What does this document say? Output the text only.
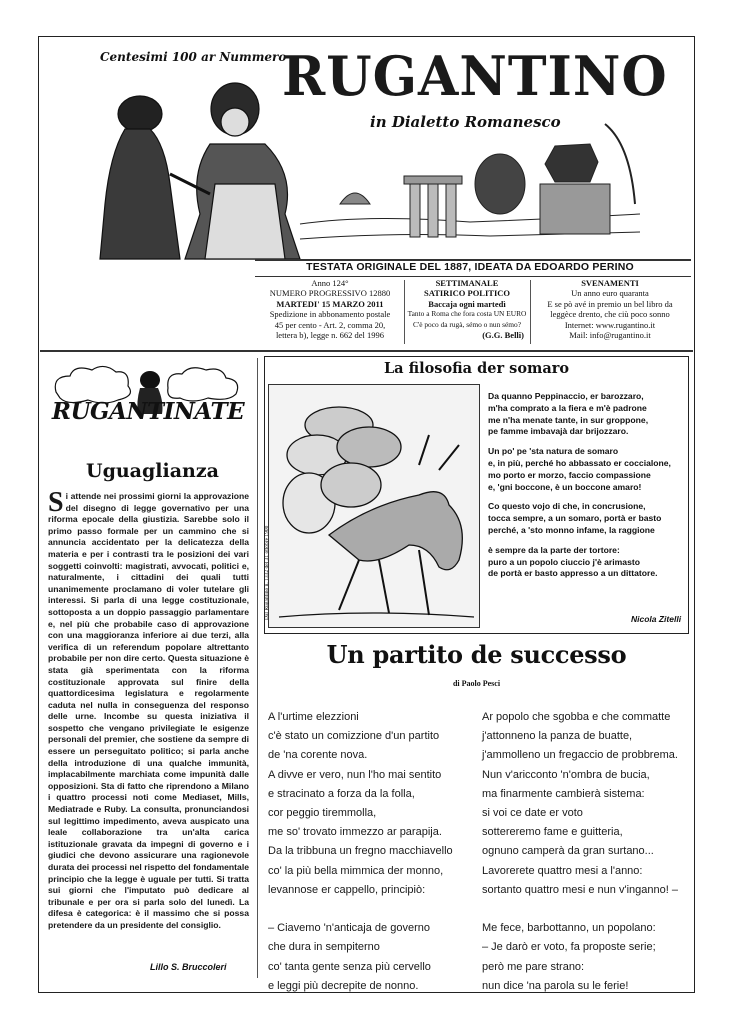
Centesimi 100 ar Nummero
RUGANTINO
in Dialetto Romanesco
TESTATA ORIGINALE DEL 1887, IDEATA DA EDOARDO PERINO
Anno 124°
NUMERO PROGRESSIVO 12880
MARTEDI' 15 MARZO 2011
Spedizione in abbonamento postale
45 per cento - Art. 2, comma 20,
lettera b), legge n. 662 del 1996
SETTIMANALE
SATIRICO POLITICO
Baccaja ogni martedì
Tanto a Roma che fora costa UN EURO
C'è poco da rugà, sémo o nun sémo?
(G.G. Belli)
SVENAMENTI
Un anno euro quaranta
E se pò avé in premio un bel libro da
leggèce drento, che ciù poco sonno
Internet: www.rugantino.it
Mail: info@rugantino.it
RUGANTINATE
Uguaglianza
Si attende nei prossimi giorni la approvazione del disegno di legge governativo per una riforma epocale della giustizia. Sarebbe solo il primo passo formale per un cammino che si annuncia accidentato per la delicatezza della materia e per i contrasti tra le posizioni dei vari soggetti coinvolti: magistrati, avvocati, politici e, naturalmente, i cittadini dei quali tutti unanimemente proclamano di voler tutelare gli interessi. Si parla di una legge costituzionale, sottoposta a un doppio passaggio parlamentare e, nel più che probabile caso di approvazione con una maggioranza inferiore ai due terzi, alla verifica di un referendum popolare altrettanto probabile per non dire certo. Questa situazione è stata già sperimentata con la riforma costituzionale approvata sul finire della quattordicesima legislatura e regolarmente caduta nel nulla in conseguenza del responso delle urne. Incombe su questa iniziativa il sospetto che vengano privilegiate le esigenze personali del premier, che sostiene da sempre di essere un perseguitato politico; si parla anche della introduzione di una qualche immunità, implacabilmente marchiata come impunità dalle opposizioni. Sta di fatto che riprendono a Milano i quattro processi noti come Mediaset, Mills, Mediatrade e Ruby. La consulta, pronunciandosi sul legittimo impedimento, aveva auspicato una leale collaborazione tra un'alta carica istituzionale gravata da impegni di governo e i giudici che devono assicurare una ragionevole durata dei processi nel rispetto del fondamentale principio che la legge è uguale per tutti. Si tratta sui giorni che l'imputato può dedicare al tribunale e per ora si parla solo del lunedì. La difesa è categorica: è il massimo che si possa pretendere da un presidente del consiglio.
Lillo S. Bruccoleri
La filosofia der somaro
Dal Rugantino n. 1332 del 31 ottobre 1900
Da quanno Peppinaccio, er barozzaro,
m'ha comprato a la fiera e m'è padrone
me n'ha menate tante, in sur groppone,
pe famme imbavajà dar brijozzaro.
Un po' pe 'sta natura de somaro
e, in più, perché ho abbassato er coccialone,
mo porto er morzo, faccio compassione
e, 'gni boccone, è un boccone amaro!
Co questo vojo di che, in concrusione,
tocca sempre, a un somaro, portà er basto
perché, a 'sto monno infame, la raggione
è sempre da la parte der tortore:
puro a un popolo ciuccio j'è arimasto
de portà er basto appresso a un dittatore.
Nicola Zitelli
Un partito de successo
di Paolo Pesci
A l'urtime elezzioni
c'è stato un comizzione d'un partito
de 'na corente nova.
A divve er vero, nun l'ho mai sentito
e stracinato a forza da la folla,
cor peggio tiremmolla,
me so' trovato immezzo ar parapija.
Da la tribbuna un fregno macchiavello
co' la più bella mimmica der monno,
levannose er cappello, principiò:
– Ciavemo 'n'anticaja de governo
che dura in sempiterno
co' tanta gente senza più cervello
e leggi più decrepite de nonno.
Ar popolo che sgobba e che commatte
j'attonneno la panza de buatte,
j'ammolleno un fregaccio de probbrema.
Nun v'aricconto 'n'ombra de bucia,
ma finarmente cambierà sistema:
si voi ce date er voto
sottereremo fame e guitteria,
ognuno camperà da gran surtano...
Lavorerete quattro mesi a l'anno:
sortanto quattro mesi e nun v'inganno! –
Me fece, barbottanno, un popolano:
– Je darò er voto, fa proposte serie;
però me pare strano:
nun dice 'na parola su le ferie!
